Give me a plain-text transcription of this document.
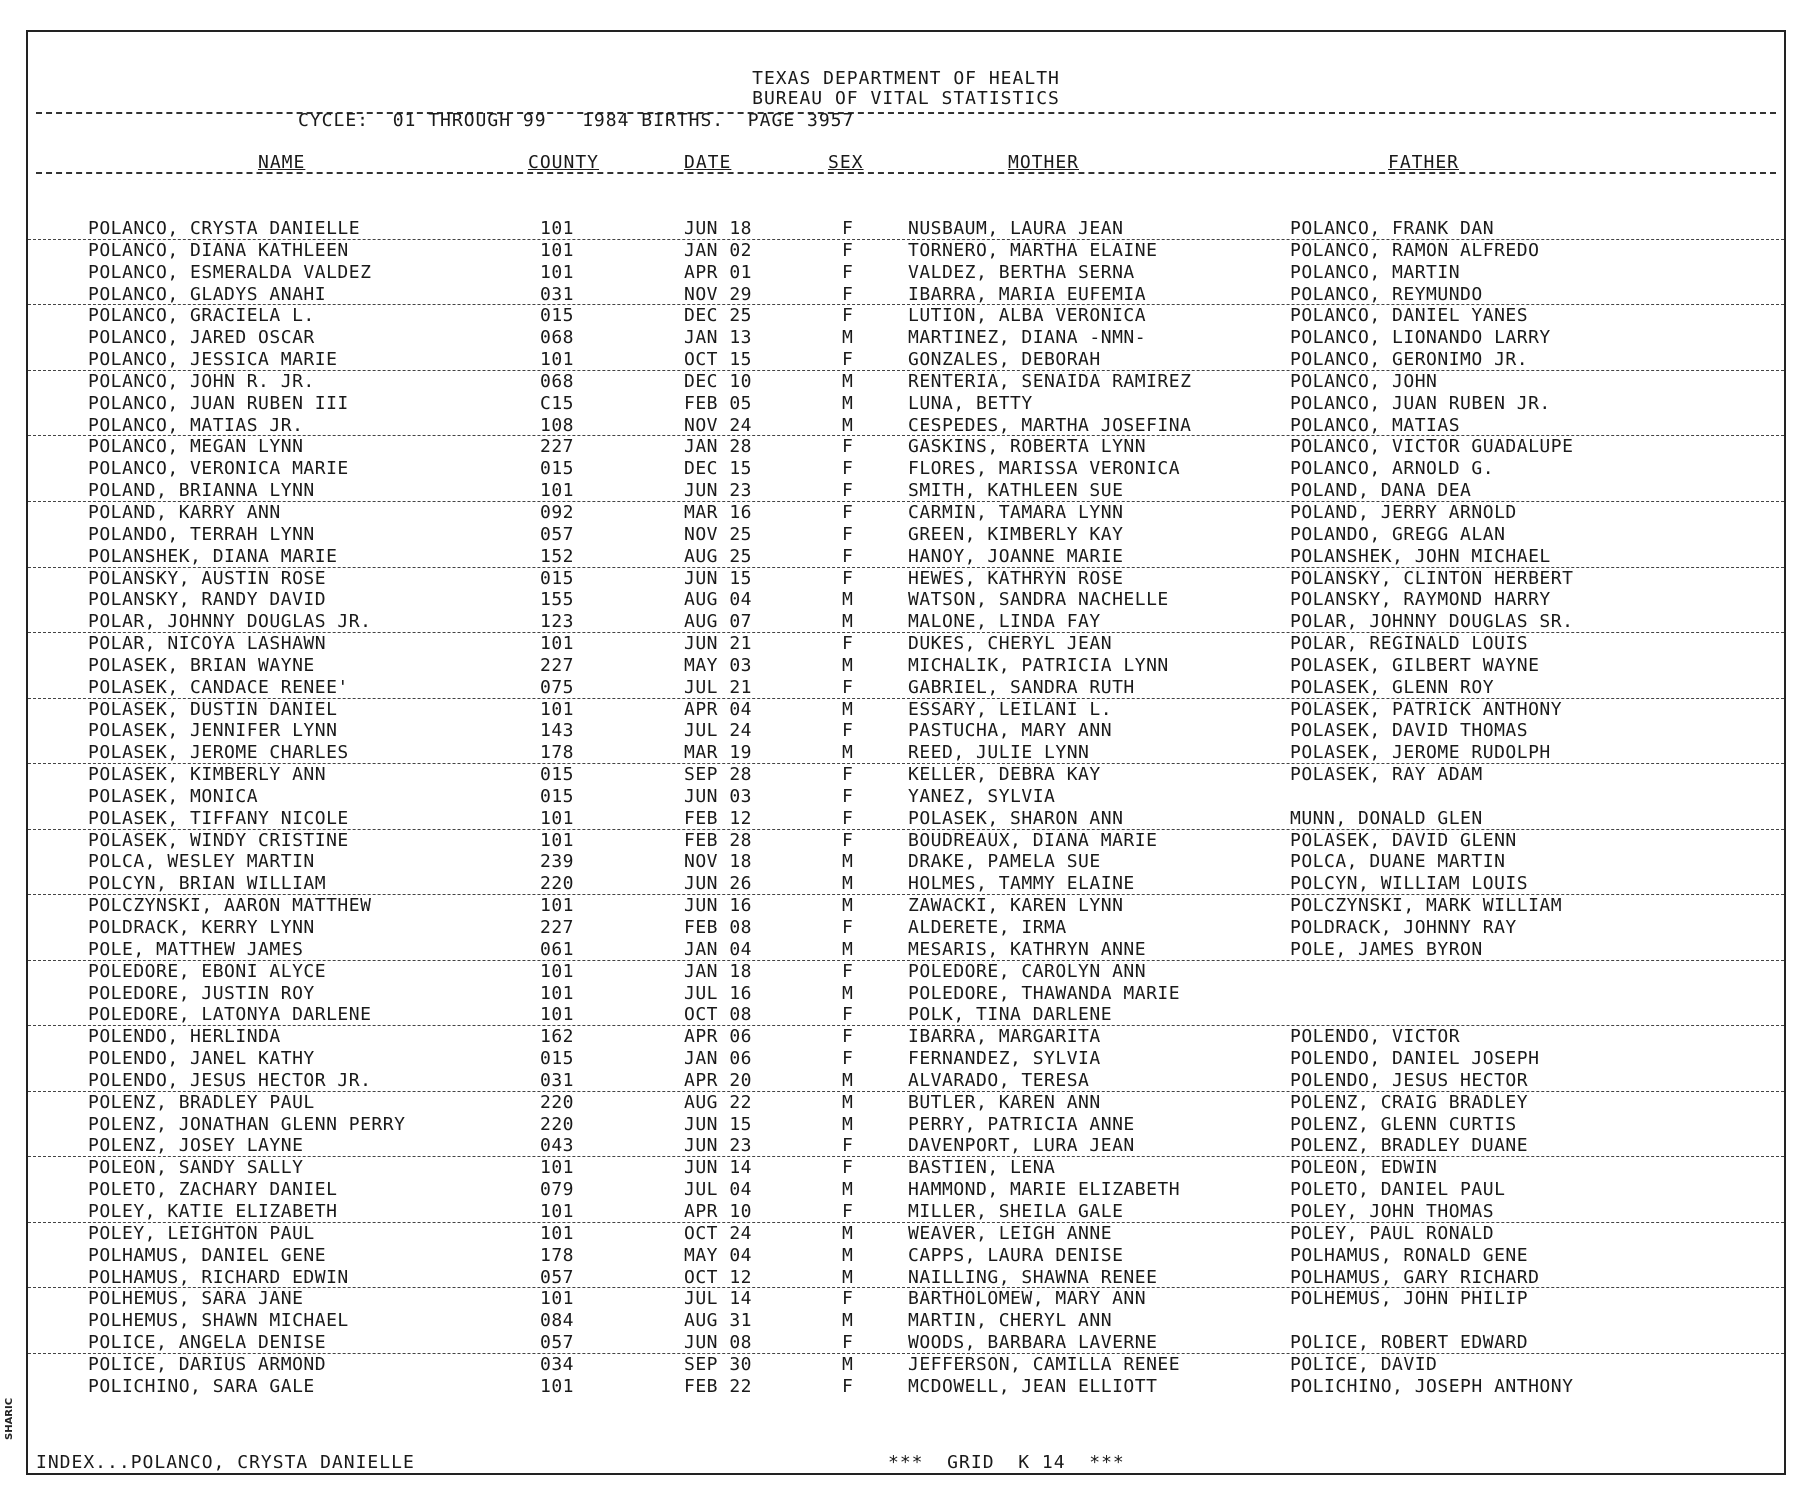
TEXAS DEPARTMENT OF HEALTH
BUREAU OF VITAL STATISTICS
CYCLE:  01 THROUGH 99   1984 BIRTHS.  PAGE 3957
NAME	COUNTY	DATE	SEX	MOTHER	FATHER
POLANCO, CRYSTA DANIELLE	101	JUN 18	F	NUSBAUM, LAURA JEAN	POLANCO, FRANK DAN
POLANCO, DIANA KATHLEEN	101	JAN 02	F	TORNERO, MARTHA ELAINE	POLANCO, RAMON ALFREDO
POLANCO, ESMERALDA VALDEZ	101	APR 01	F	VALDEZ, BERTHA SERNA	POLANCO, MARTIN
POLANCO, GLADYS ANAHI	031	NOV 29	F	IBARRA, MARIA EUFEMIA	POLANCO, REYMUNDO
POLANCO, GRACIELA L.	015	DEC 25	F	LUTION, ALBA VERONICA	POLANCO, DANIEL YANES
POLANCO, JARED OSCAR	068	JAN 13	M	MARTINEZ, DIANA -NMN-	POLANCO, LIONANDO LARRY
POLANCO, JESSICA MARIE	101	OCT 15	F	GONZALES, DEBORAH	POLANCO, GERONIMO JR.
POLANCO, JOHN R. JR.	068	DEC 10	M	RENTERIA, SENAIDA RAMIREZ	POLANCO, JOHN
POLANCO, JUAN RUBEN III	C15	FEB 05	M	LUNA, BETTY	POLANCO, JUAN RUBEN JR.
POLANCO, MATIAS JR.	108	NOV 24	M	CESPEDES, MARTHA JOSEFINA	POLANCO, MATIAS
POLANCO, MEGAN LYNN	227	JAN 28	F	GASKINS, ROBERTA LYNN	POLANCO, VICTOR GUADALUPE
POLANCO, VERONICA MARIE	015	DEC 15	F	FLORES, MARISSA VERONICA	POLANCO, ARNOLD G.
POLAND, BRIANNA LYNN	101	JUN 23	F	SMITH, KATHLEEN SUE	POLAND, DANA DEA
POLAND, KARRY ANN	092	MAR 16	F	CARMIN, TAMARA LYNN	POLAND, JERRY ARNOLD
POLANDO, TERRAH LYNN	057	NOV 25	F	GREEN, KIMBERLY KAY	POLANDO, GREGG ALAN
POLANSHEK, DIANA MARIE	152	AUG 25	F	HANOY, JOANNE MARIE	POLANSHEK, JOHN MICHAEL
POLANSKY, AUSTIN ROSE	015	JUN 15	F	HEWES, KATHRYN ROSE	POLANSKY, CLINTON HERBERT
POLANSKY, RANDY DAVID	155	AUG 04	M	WATSON, SANDRA NACHELLE	POLANSKY, RAYMOND HARRY
POLAR, JOHNNY DOUGLAS JR.	123	AUG 07	M	MALONE, LINDA FAY	POLAR, JOHNNY DOUGLAS SR.
POLAR, NICOYA LASHAWN	101	JUN 21	F	DUKES, CHERYL JEAN	POLAR, REGINALD LOUIS
POLASEK, BRIAN WAYNE	227	MAY 03	M	MICHALIK, PATRICIA LYNN	POLASEK, GILBERT WAYNE
POLASEK, CANDACE RENEE'	075	JUL 21	F	GABRIEL, SANDRA RUTH	POLASEK, GLENN ROY
POLASEK, DUSTIN DANIEL	101	APR 04	M	ESSARY, LEILANI L.	POLASEK, PATRICK ANTHONY
POLASEK, JENNIFER LYNN	143	JUL 24	F	PASTUCHA, MARY ANN	POLASEK, DAVID THOMAS
POLASEK, JEROME CHARLES	178	MAR 19	M	REED, JULIE LYNN	POLASEK, JEROME RUDOLPH
POLASEK, KIMBERLY ANN	015	SEP 28	F	KELLER, DEBRA KAY	POLASEK, RAY ADAM
POLASEK, MONICA	015	JUN 03	F	YANEZ, SYLVIA
POLASEK, TIFFANY NICOLE	101	FEB 12	F	POLASEK, SHARON ANN	MUNN, DONALD GLEN
POLASEK, WINDY CRISTINE	101	FEB 28	F	BOUDREAUX, DIANA MARIE	POLASEK, DAVID GLENN
POLCA, WESLEY MARTIN	239	NOV 18	M	DRAKE, PAMELA SUE	POLCA, DUANE MARTIN
POLCYN, BRIAN WILLIAM	220	JUN 26	M	HOLMES, TAMMY ELAINE	POLCYN, WILLIAM LOUIS
POLCZYNSKI, AARON MATTHEW	101	JUN 16	M	ZAWACKI, KAREN LYNN	POLCZYNSKI, MARK WILLIAM
POLDRACK, KERRY LYNN	227	FEB 08	F	ALDERETE, IRMA	POLDRACK, JOHNNY RAY
POLE, MATTHEW JAMES	061	JAN 04	M	MESARIS, KATHRYN ANNE	POLE, JAMES BYRON
POLEDORE, EBONI ALYCE	101	JAN 18	F	POLEDORE, CAROLYN ANN
POLEDORE, JUSTIN ROY	101	JUL 16	M	POLEDORE, THAWANDA MARIE
POLEDORE, LATONYA DARLENE	101	OCT 08	F	POLK, TINA DARLENE
POLENDO, HERLINDA	162	APR 06	F	IBARRA, MARGARITA	POLENDO, VICTOR
POLENDO, JANEL KATHY	015	JAN 06	F	FERNANDEZ, SYLVIA	POLENDO, DANIEL JOSEPH
POLENDO, JESUS HECTOR JR.	031	APR 20	M	ALVARADO, TERESA	POLENDO, JESUS HECTOR
POLENZ, BRADLEY PAUL	220	AUG 22	M	BUTLER, KAREN ANN	POLENZ, CRAIG BRADLEY
POLENZ, JONATHAN GLENN PERRY	220	JUN 15	M	PERRY, PATRICIA ANNE	POLENZ, GLENN CURTIS
POLENZ, JOSEY LAYNE	043	JUN 23	F	DAVENPORT, LURA JEAN	POLENZ, BRADLEY DUANE
POLEON, SANDY SALLY	101	JUN 14	F	BASTIEN, LENA	POLEON, EDWIN
POLETO, ZACHARY DANIEL	079	JUL 04	M	HAMMOND, MARIE ELIZABETH	POLETO, DANIEL PAUL
POLEY, KATIE ELIZABETH	101	APR 10	F	MILLER, SHEILA GALE	POLEY, JOHN THOMAS
POLEY, LEIGHTON PAUL	101	OCT 24	M	WEAVER, LEIGH ANNE	POLEY, PAUL RONALD
POLHAMUS, DANIEL GENE	178	MAY 04	M	CAPPS, LAURA DENISE	POLHAMUS, RONALD GENE
POLHAMUS, RICHARD EDWIN	057	OCT 12	M	NAILLING, SHAWNA RENEE	POLHAMUS, GARY RICHARD
POLHEMUS, SARA JANE	101	JUL 14	F	BARTHOLOMEW, MARY ANN	POLHEMUS, JOHN PHILIP
POLHEMUS, SHAWN MICHAEL	084	AUG 31	M	MARTIN, CHERYL ANN
POLICE, ANGELA DENISE	057	JUN 08	F	WOODS, BARBARA LAVERNE	POLICE, ROBERT EDWARD
POLICE, DARIUS ARMOND	034	SEP 30	M	JEFFERSON, CAMILLA RENEE	POLICE, DAVID
POLICHINO, SARA GALE	101	FEB 22	F	MCDOWELL, JEAN ELLIOTT	POLICHINO, JOSEPH ANTHONY
INDEX...POLANCO, CRYSTA DANIELLE	***  GRID  K 14  ***
SHARIC
